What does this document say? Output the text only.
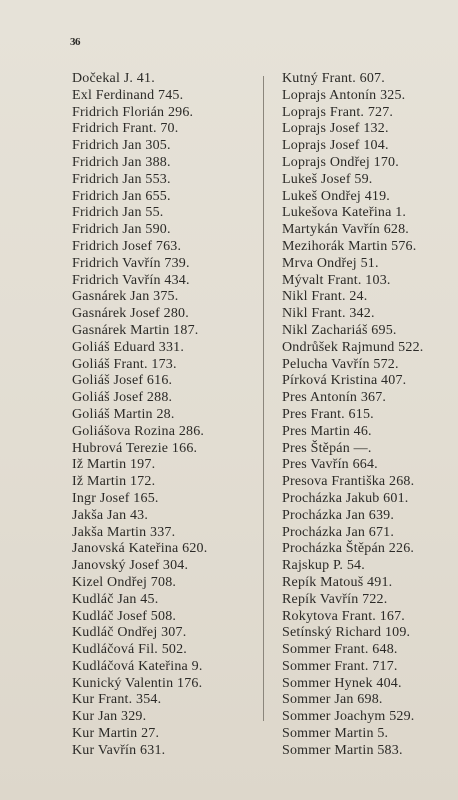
36
Dočekal J. 41.
Exl Ferdinand 745.
Fridrich Florián 296.
Fridrich Frant. 70.
Fridrich Jan 305.
Fridrich Jan 388.
Fridrich Jan 553.
Fridrich Jan 655.
Fridrich Jan 55.
Fridrich Jan 590.
Fridrich Josef 763.
Fridrich Vavřín 739.
Fridrich Vavřín 434.
Gasnárek Jan 375.
Gasnárek Josef 280.
Gasnárek Martin 187.
Goliáš Eduard 331.
Goliáš Frant. 173.
Goliáš Josef 616.
Goliáš Josef 288.
Goliáš Martin 28.
Goliášova Rozina 286.
Hubrová Terezie 166.
Iž Martin 197.
Iž Martin 172.
Ingr Josef 165.
Jakša Jan 43.
Jakša Martin 337.
Janovská Kateřina 620.
Janovský Josef 304.
Kizel Ondřej 708.
Kudláč Jan 45.
Kudláč Josef 508.
Kudláč Ondřej 307.
Kudláčová Fil. 502.
Kudláčová Kateřina 9.
Kunický Valentin 176.
Kur Frant. 354.
Kur Jan 329.
Kur Martin 27.
Kur Vavřín 631.
Kutný Frant. 607.
Loprajs Antonín 325.
Loprajs Frant. 727.
Loprajs Josef 132.
Loprajs Josef 104.
Loprajs Ondřej 170.
Lukeš Josef 59.
Lukeš Ondřej 419.
Lukešova Kateřina 1.
Martykán Vavřín 628.
Mezihorák Martin 576.
Mrva Ondřej 51.
Mývalt Frant. 103.
Nikl Frant. 24.
Nikl Frant. 342.
Nikl Zachariáš 695.
Ondrůšek Rajmund 522.
Pelucha Vavřín 572.
Pírková Kristina 407.
Pres Antonín 367.
Pres Frant. 615.
Pres Martin 46.
Pres Štěpán —.
Pres Vavřín 664.
Presova Františka 268.
Procházka Jakub 601.
Procházka Jan 639.
Procházka Jan 671.
Procházka Štěpán 226.
Rajskup P. 54.
Repík Matouš 491.
Repík Vavřín 722.
Rokytova Frant. 167.
Setínský Richard 109.
Sommer Frant. 648.
Sommer Frant. 717.
Sommer Hynek 404.
Sommer Jan 698.
Sommer Joachym 529.
Sommer Martin 5.
Sommer Martin 583.
